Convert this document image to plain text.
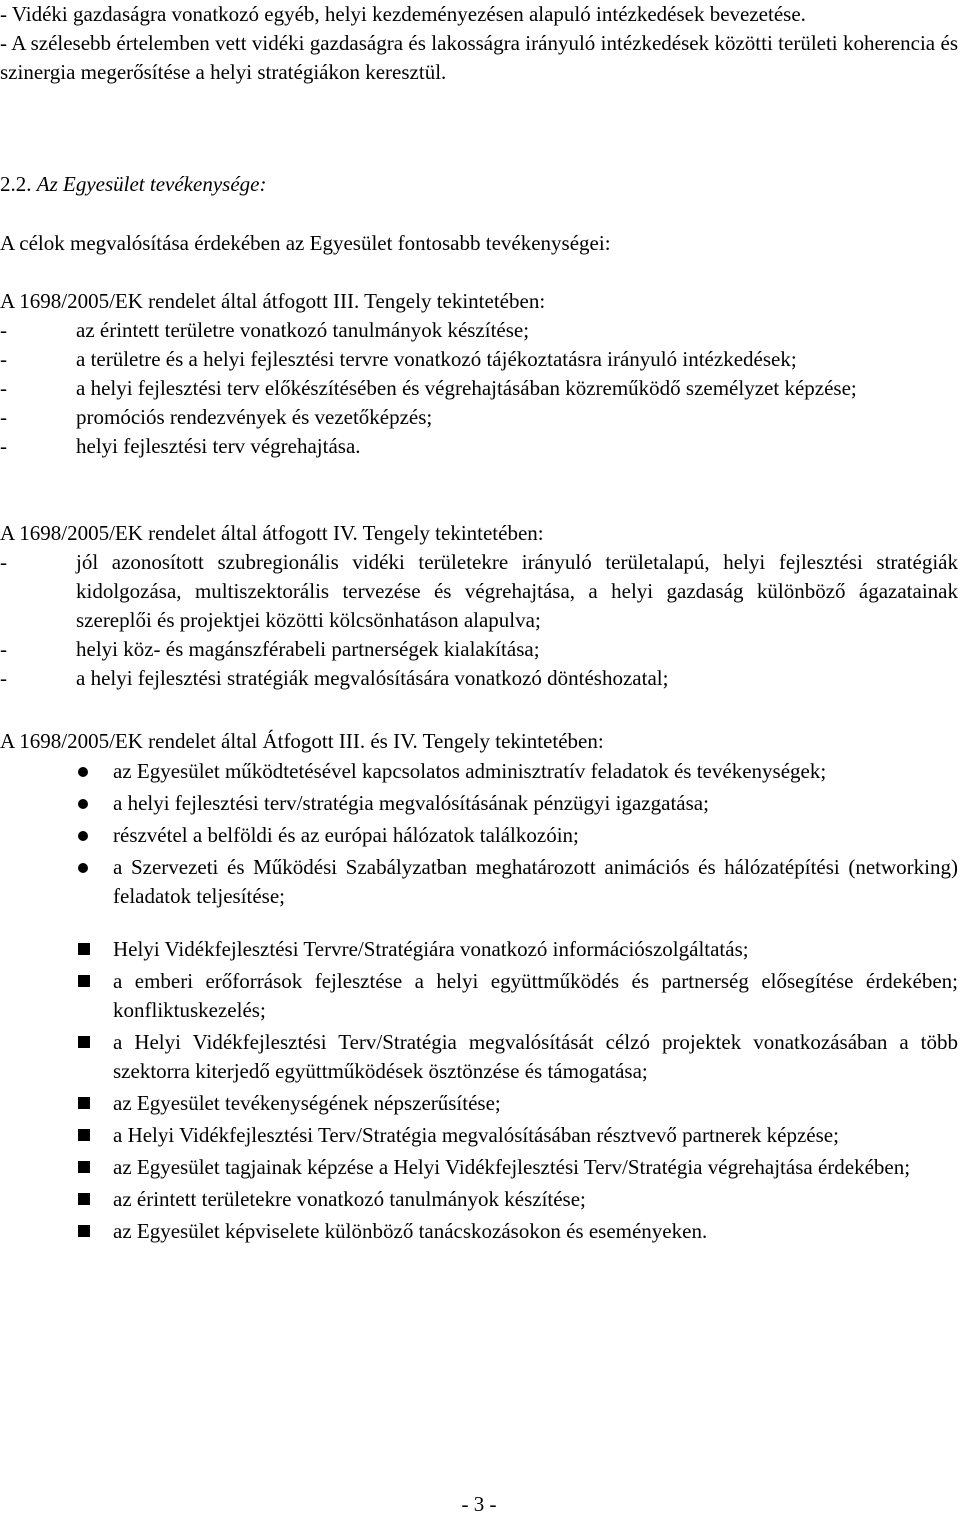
- Vidéki gazdaságra vonatkozó egyéb, helyi kezdeményezésen alapuló intézkedések bevezetése.

- A szélesebb értelemben vett vidéki gazdaságra és lakosságra irányuló intézkedések közötti területi koherencia és szinergia megerősítése a helyi stratégiákon keresztül.

2.2. Az Egyesület tevékenysége:

A célok megvalósítása érdekében az Egyesület fontosabb tevékenységei:

A 1698/2005/EK rendelet által átfogott III. Tengely tekintetében:

-	az érintett területre vonatkozó tanulmányok készítése;
-	a területre és a helyi fejlesztési tervre vonatkozó tájékoztatásra irányuló intézkedések;
-	a helyi fejlesztési terv előkészítésében és végrehajtásában közreműködő személyzet képzése;
-	promóciós rendezvények és vezetőképzés;
-	helyi fejlesztési terv végrehajtása.

A 1698/2005/EK rendelet által átfogott IV. Tengely tekintetében:

-	jól azonosított szubregionális vidéki területekre irányuló területalapú, helyi fejlesztési stratégiák kidolgozása, multiszektorális tervezése és végrehajtása, a helyi gazdaság különböző ágazatainak szereplői és projektjei közötti kölcsönhatáson alapulva;
-	helyi köz- és magánszférabeli partnerségek kialakítása;
-	a helyi fejlesztési stratégiák megvalósítására vonatkozó döntéshozatal;

A 1698/2005/EK rendelet által Átfogott III. és IV. Tengely tekintetében:

az Egyesület működtetésével kapcsolatos adminisztratív feladatok és tevékenységek;
a helyi fejlesztési terv/stratégia megvalósításának pénzügyi igazgatása;
részvétel a belföldi és az európai hálózatok találkozóin;
a Szervezeti és Működési Szabályzatban meghatározott animációs és hálózatépítési (networking) feladatok teljesítése;
Helyi Vidékfejlesztési Tervre/Stratégiára vonatkozó információszolgáltatás;
a emberi erőforrások fejlesztése a helyi együttműködés és partnerség elősegítése érdekében; konfliktuskezelés;
a Helyi Vidékfejlesztési Terv/Stratégia megvalósítását célzó projektek vonatkozásában a több szektorra kiterjedő együttműködések ösztönzése és támogatása;
az Egyesület tevékenységének népszerűsítése;
a Helyi Vidékfejlesztési Terv/Stratégia megvalósításában résztvevő partnerek képzése;
az Egyesület tagjainak képzése a Helyi Vidékfejlesztési Terv/Stratégia végrehajtása érdekében;
az érintett területekre vonatkozó tanulmányok készítése;
az Egyesület képviselete különböző tanácskozásokon és eseményeken.
- 3 -
